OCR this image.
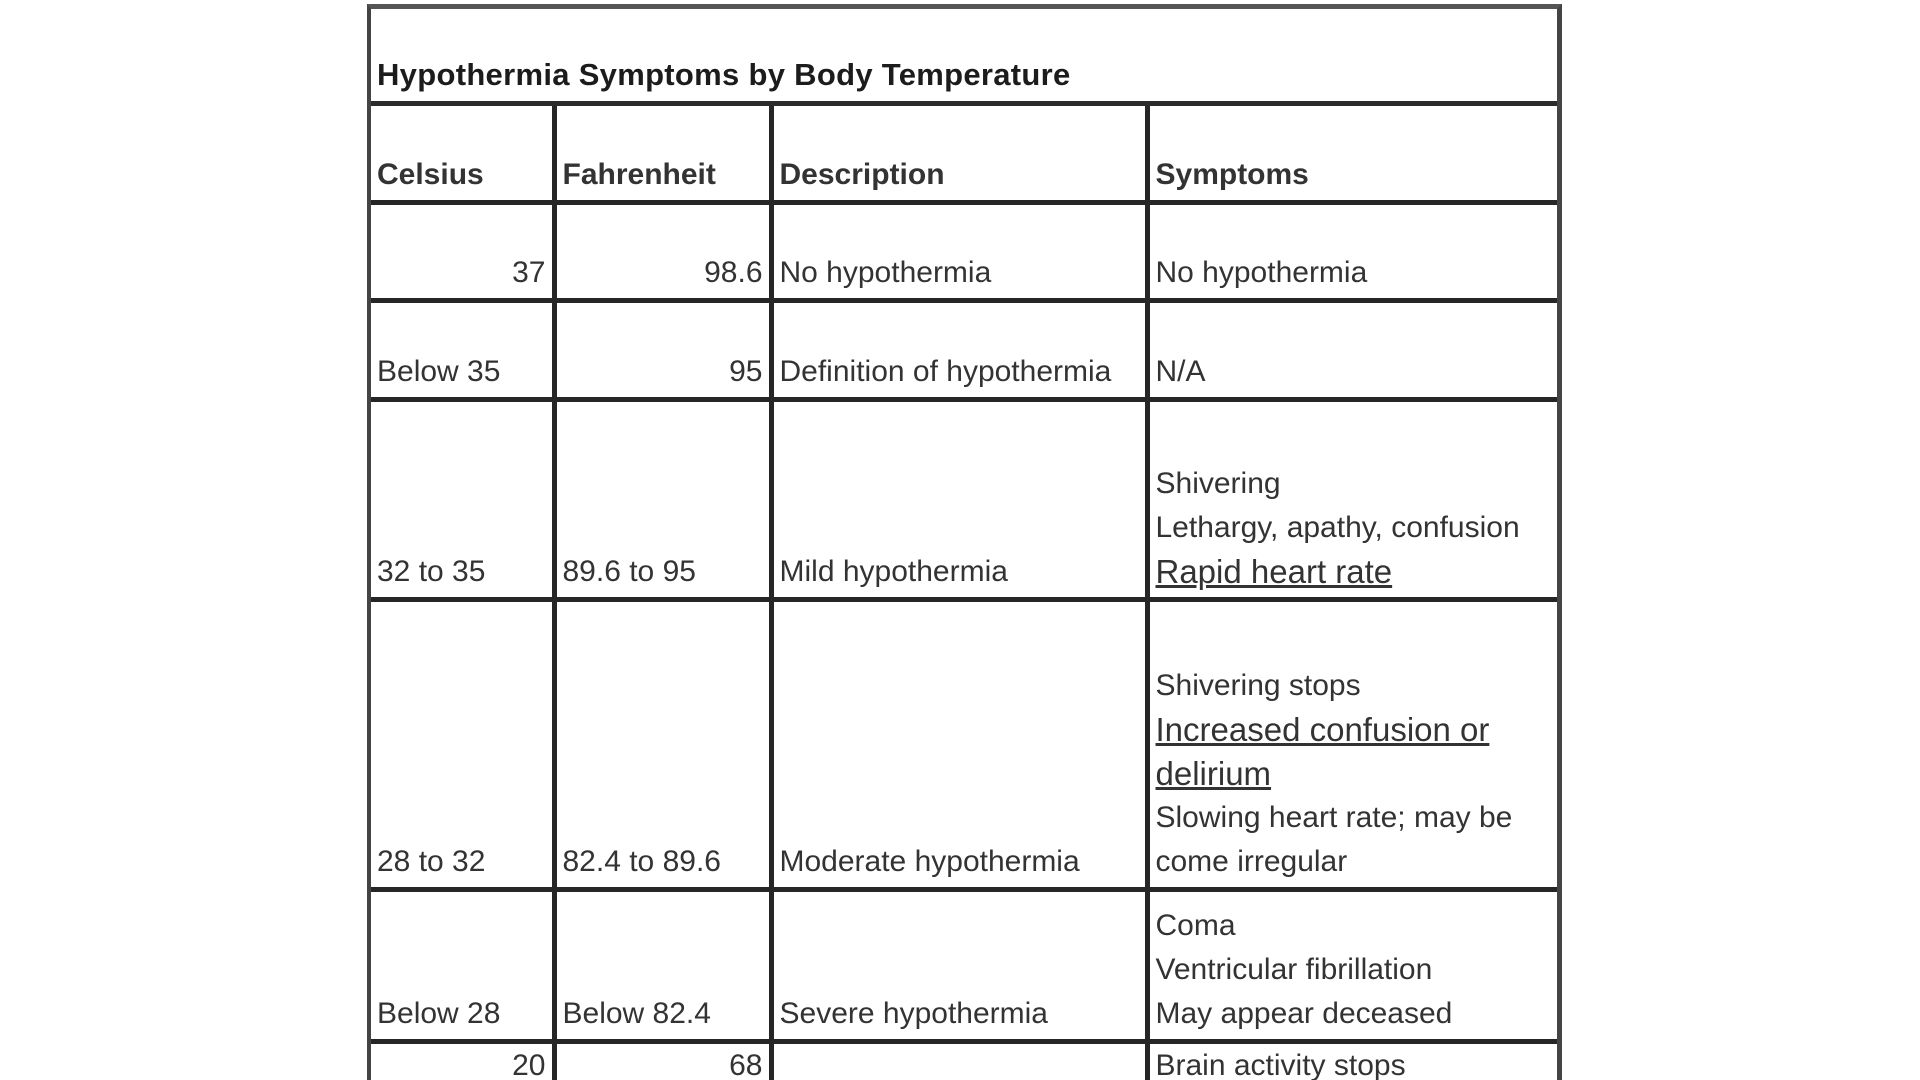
Hypothermia Symptoms by Body Temperature
Celsius	Fahrenheit	Description	Symptoms
37	98.6	No hypothermia	No hypothermia

Below 35	95	Definition of hypothermia	N/A

32 to 35	89.6 to 95	Mild hypothermia	Shivering
Lethargy, apathy, confusion
Rapid heart rate

28 to 32	82.4 to 89.6	Moderate hypothermia	Shivering stops
Increased confusion or delirium
Slowing heart rate; may be come irregular

Below 28	Below 82.4	Severe hypothermia	Coma
Ventricular fibrillation
May appear deceased

20	68		Brain activity stops
